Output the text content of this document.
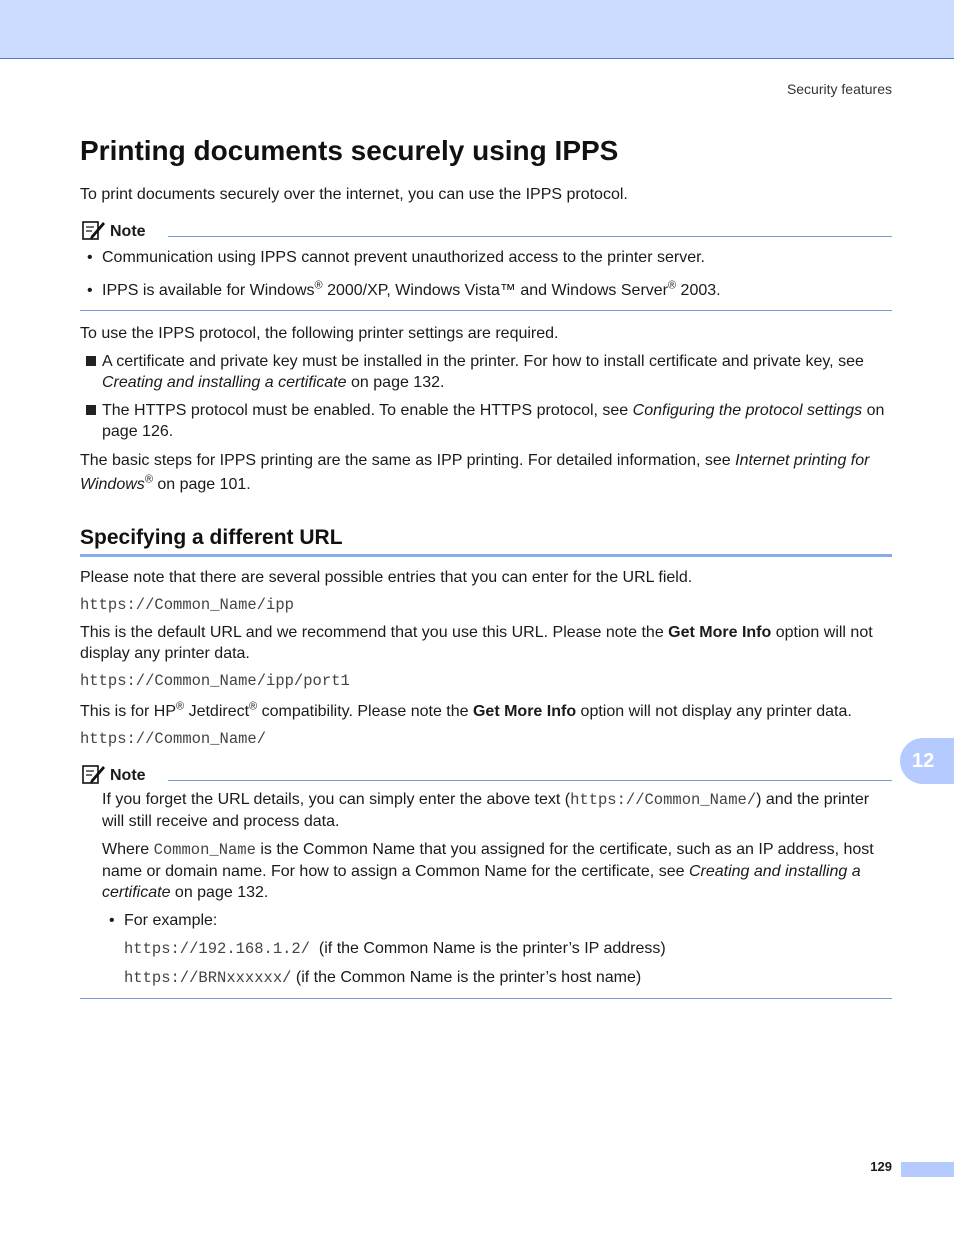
Security features
Printing documents securely using IPPS

To print documents securely over the internet, you can use the IPPS protocol.

Note
• Communication using IPPS cannot prevent unauthorized access to the printer server.
• IPPS is available for Windows® 2000/XP, Windows Vista™ and Windows Server® 2003.

To use the IPPS protocol, the following printer settings are required.

A certificate and private key must be installed in the printer. For how to install certificate and private key, see Creating and installing a certificate on page 132.
The HTTPS protocol must be enabled. To enable the HTTPS protocol, see Configuring the protocol settings on page 126.

The basic steps for IPPS printing are the same as IPP printing. For detailed information, see Internet printing for Windows® on page 101.

Specifying a different URL

Please note that there are several possible entries that you can enter for the URL field.

https://Common_Name/ipp

This is the default URL and we recommend that you use this URL. Please note the Get More Info option will not display any printer data.

https://Common_Name/ipp/port1

This is for HP® Jetdirect® compatibility. Please note the Get More Info option will not display any printer data.

https://Common_Name/

Note

If you forget the URL details, you can simply enter the above text (https://Common_Name/) and the printer will still receive and process data.

Where Common_Name is the Common Name that you assigned for the certificate, such as an IP address, host name or domain name. For how to assign a Common Name for the certificate, see Creating and installing a certificate on page 132.

• For example:

https://192.168.1.2/ (if the Common Name is the printer’s IP address)

https://BRNxxxxxx/ (if the Common Name is the printer’s host name)

12
129
